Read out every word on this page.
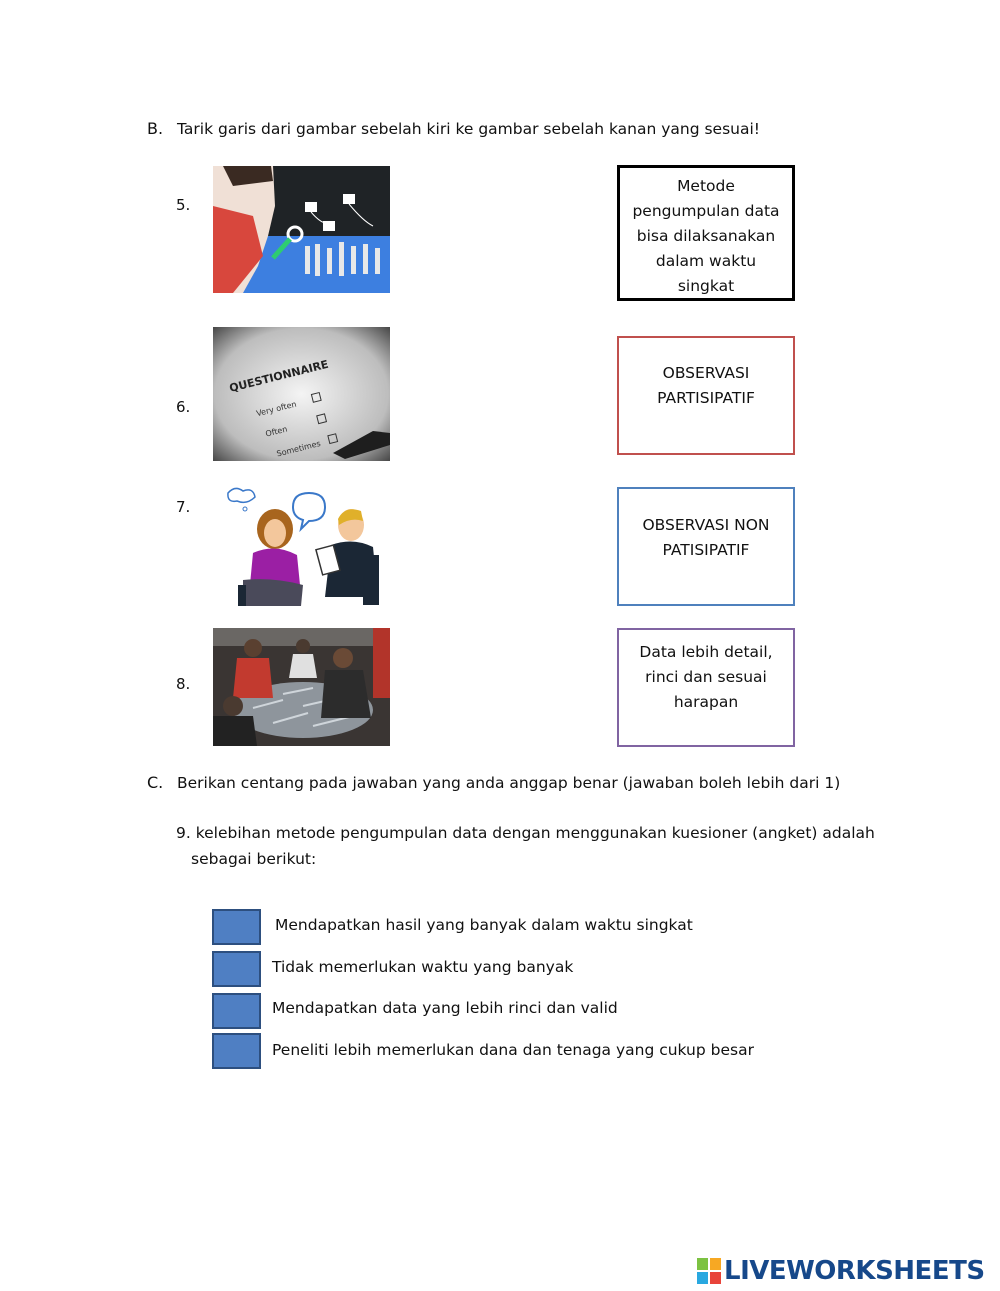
B. Tarik garis dari gambar sebelah kiri ke gambar sebelah kanan yang sesuai!
5.
6.
7.
8.
QUESTIONNAIRE
Very often
Often
Sometimes
Metode
pengumpulan data
bisa dilaksanakan
dalam waktu
singkat
OBSERVASI
PARTISIPATIF
OBSERVASI NON
PATISIPATIF
Data lebih detail,
rinci dan sesuai
harapan
C. Berikan centang pada jawaban yang anda anggap benar (jawaban boleh lebih dari 1)
9. kelebihan metode pengumpulan data dengan menggunakan kuesioner (angket) adalah
sebagai berikut:
Mendapatkan hasil yang banyak dalam waktu singkat
Tidak memerlukan waktu yang banyak
Mendapatkan data yang lebih rinci dan valid
Peneliti lebih memerlukan dana dan tenaga yang cukup besar
LIVEWORKSHEETS
